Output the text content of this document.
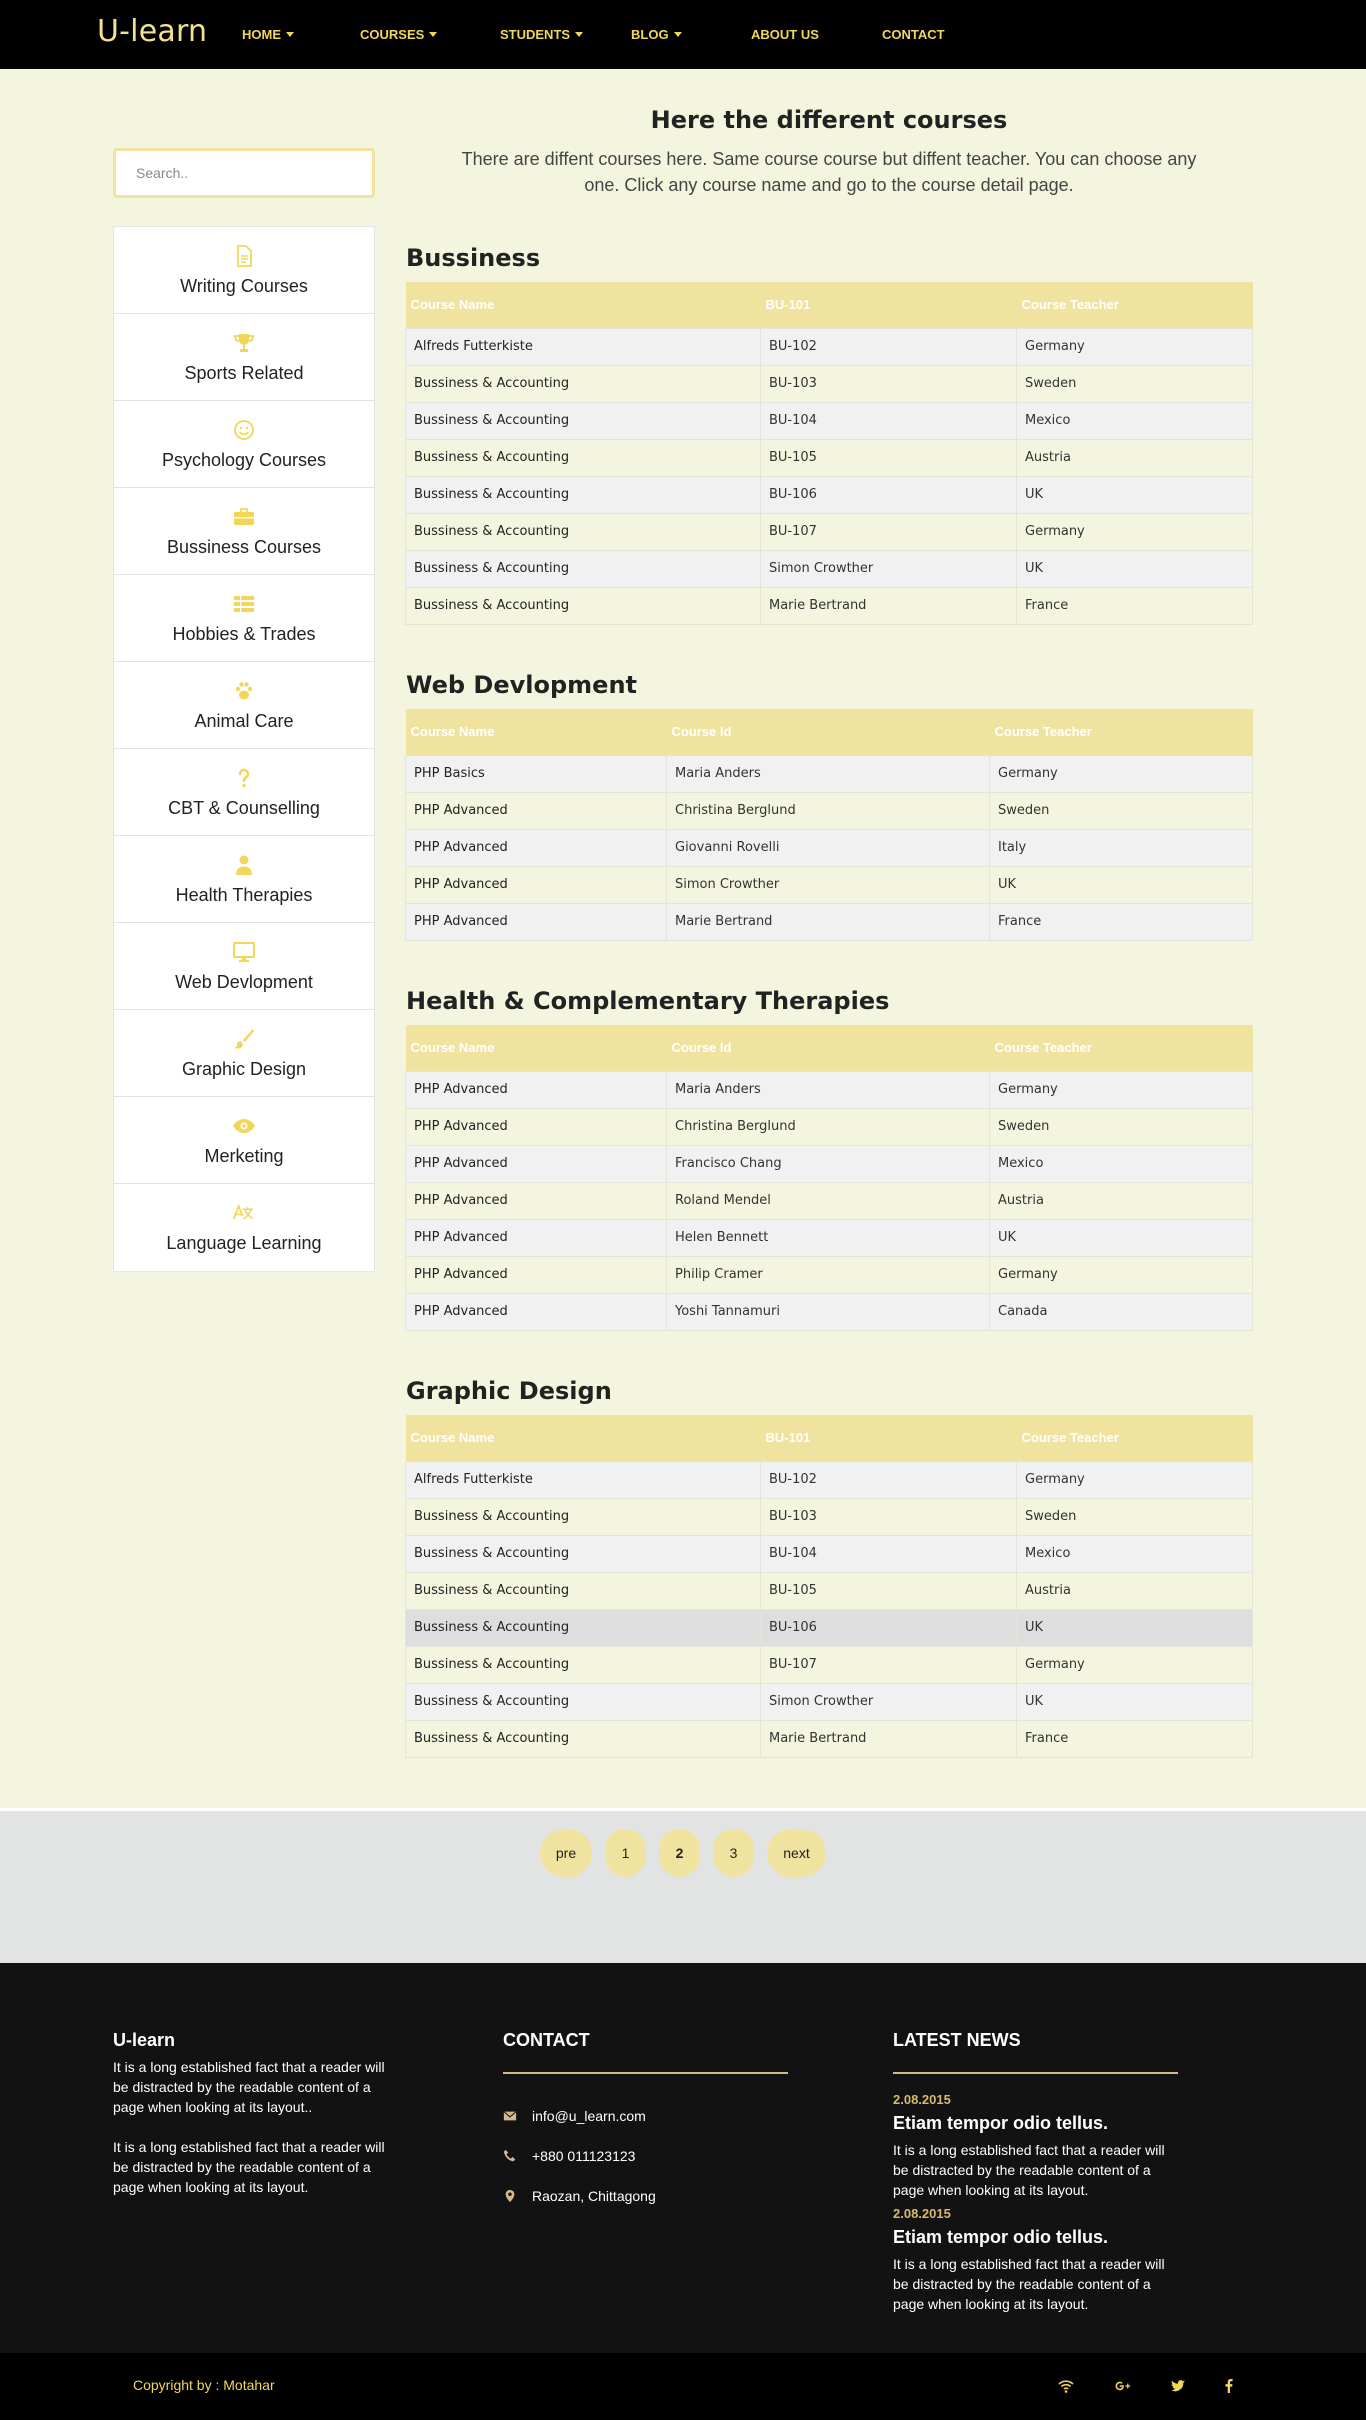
U-learn	HOME	COURSES	STUDENTS	BLOG	ABOUT US	CONTACT
Search..
Writing Courses
Sports Related
Psychology Courses
Bussiness Courses
Hobbies & Trades
Animal Care
CBT & Counselling
Health Therapies
Web Devlopment
Graphic Design
Merketing
Language Learning
Here the different courses

There are diffent courses here. Same course course but diffent teacher. You can choose any one. Click any course name and go to the course detail page.

Bussiness
Course Name	BU-101	Course Teacher
Alfreds Futterkiste	BU-102	Germany
Bussiness & Accounting	BU-103	Sweden
Bussiness & Accounting	BU-104	Mexico
Bussiness & Accounting	BU-105	Austria
Bussiness & Accounting	BU-106	UK
Bussiness & Accounting	BU-107	Germany
Bussiness & Accounting	Simon Crowther	UK
Bussiness & Accounting	Marie Bertrand	France
Web Devlopment
Course Name	Course Id	Course Teacher
PHP Basics	Maria Anders	Germany
PHP Advanced	Christina Berglund	Sweden
PHP Advanced	Giovanni Rovelli	Italy
PHP Advanced	Simon Crowther	UK
PHP Advanced	Marie Bertrand	France
Health & Complementary Therapies
Course Name	Course Id	Course Teacher
PHP Advanced	Maria Anders	Germany
PHP Advanced	Christina Berglund	Sweden
PHP Advanced	Francisco Chang	Mexico
PHP Advanced	Roland Mendel	Austria
PHP Advanced	Helen Bennett	UK
PHP Advanced	Philip Cramer	Germany
PHP Advanced	Yoshi Tannamuri	Canada
Graphic Design
Course Name	BU-101	Course Teacher
Alfreds Futterkiste	BU-102	Germany
Bussiness & Accounting	BU-103	Sweden
Bussiness & Accounting	BU-104	Mexico
Bussiness & Accounting	BU-105	Austria
Bussiness & Accounting	BU-106	UK
Bussiness & Accounting	BU-107	Germany
Bussiness & Accounting	Simon Crowther	UK
Bussiness & Accounting	Marie Bertrand	France
pre	1	2	3	next
U-learn

It is a long established fact that a reader will be distracted by the readable content of a page when looking at its layout..

It is a long established fact that a reader will be distracted by the readable content of a page when looking at its layout.

CONTACT
info@u_learn.com
+880 011123123
Raozan, Chittagong
LATEST NEWS
2.08.2015
Etiam tempor odio tellus.

It is a long established fact that a reader will be distracted by the readable content of a page when looking at its layout.

2.08.2015
Etiam tempor odio tellus.

It is a long established fact that a reader will be distracted by the readable content of a page when looking at its layout.

Copyright by : Motahar
